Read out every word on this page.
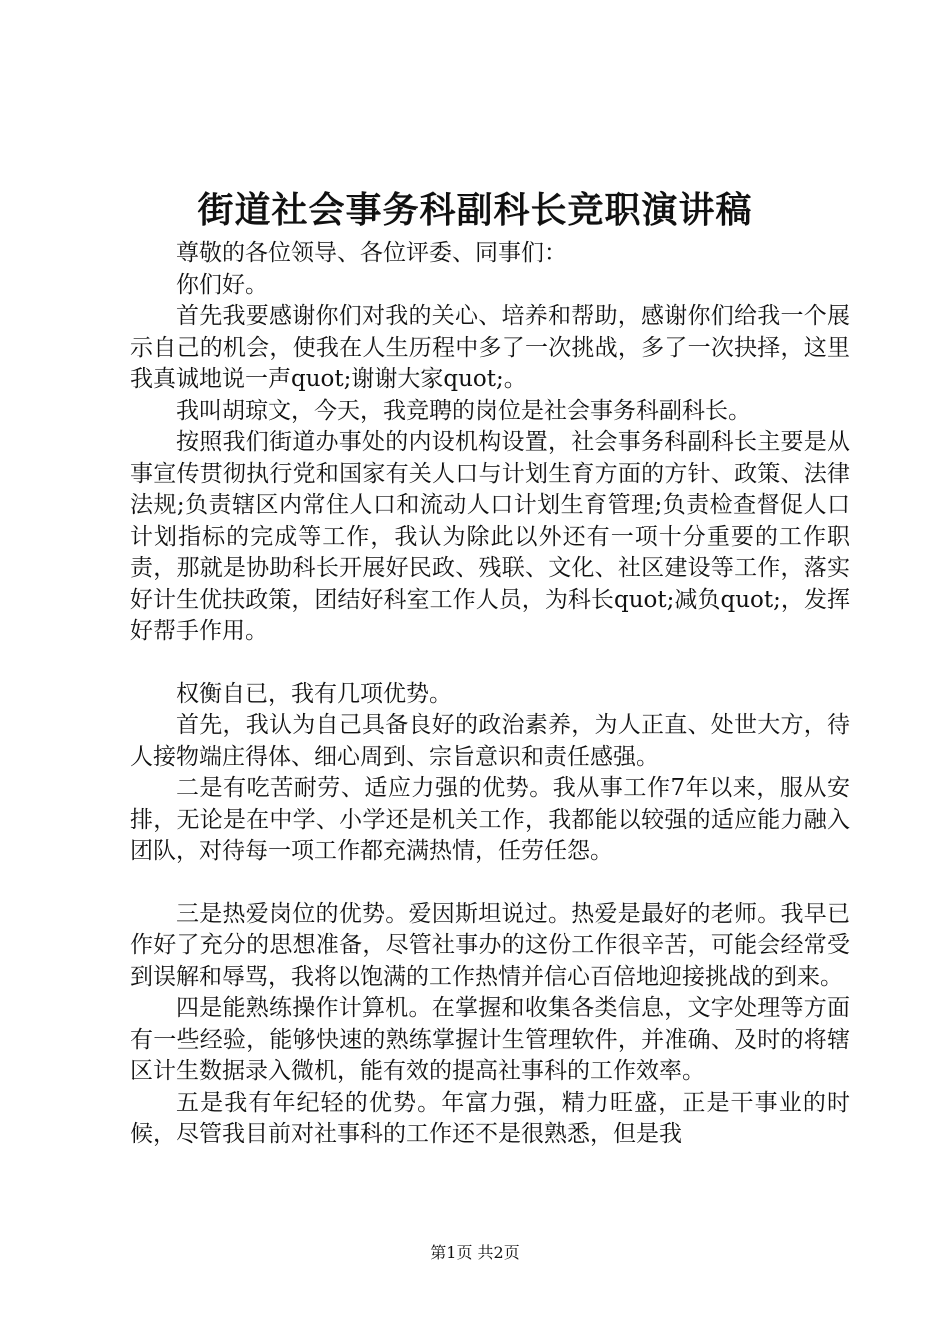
街道社会事务科副科长竞职演讲稿

尊敬的各位领导、各位评委、同事们：

你们好。

首先我要感谢你们对我的关心、培养和帮助，感谢你们给我一个展示自己的机会，使我在人生历程中多了一次挑战，多了一次抉择，这里我真诚地说一声quot;谢谢大家quot;。

我叫胡琼文，今天，我竞聘的岗位是社会事务科副科长。

按照我们街道办事处的内设机构设置，社会事务科副科长主要是从事宣传贯彻执行党和国家有关人口与计划生育方面的方针、政策、法律法规;负责辖区内常住人口和流动人口计划生育管理;负责检查督促人口计划指标的完成等工作，我认为除此以外还有一项十分重要的工作职责，那就是协助科长开展好民政、残联、文化、社区建设等工作，落实好计生优扶政策，团结好科室工作人员，为科长quot;减负quot;，发挥好帮手作用。

权衡自已，我有几项优势。

首先，我认为自己具备良好的政治素养，为人正直、处世大方，待人接物端庄得体、细心周到、宗旨意识和责任感强。

二是有吃苦耐劳、适应力强的优势。我从事工作7年以来，服从安排，无论是在中学、小学还是机关工作，我都能以较强的适应能力融入团队，对待每一项工作都充满热情，任劳任怨。

三是热爱岗位的优势。爱因斯坦说过。热爱是最好的老师。我早已作好了充分的思想准备，尽管社事办的这份工作很辛苦，可能会经常受到误解和辱骂，我将以饱满的工作热情并信心百倍地迎接挑战的到来。

四是能熟练操作计算机。在掌握和收集各类信息，文字处理等方面有一些经验，能够快速的熟练掌握计生管理软件，并准确、及时的将辖区计生数据录入微机，能有效的提高社事科的工作效率。

五是我有年纪轻的优势。年富力强，精力旺盛，正是干事业的时候，尽管我目前对社事科的工作还不是很熟悉，但是我

第1页 共2页
